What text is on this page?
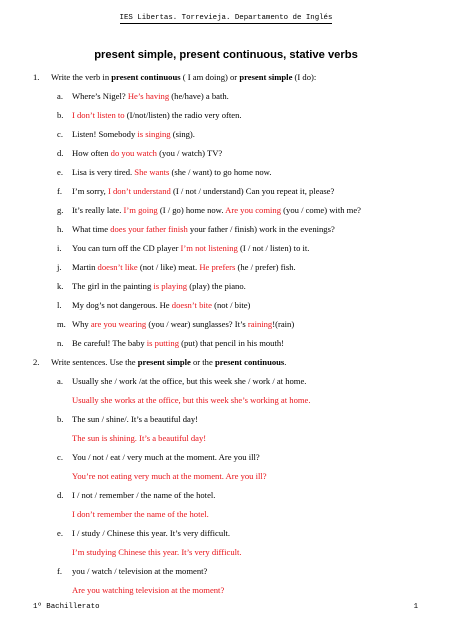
IES Libertas. Torrevieja. Departamento de Inglés
present simple, present continuous, stative verbs
1. Write the verb in present continuous ( I am doing) or present simple (I do):
a. Where’s Nigel? He’s having (he/have) a bath.
b. I don’t listen to (I/not/listen) the radio very often.
c. Listen! Somebody is singing (sing).
d. How often do you watch (you / watch) TV?
e. Lisa is very tired. She wants (she / want) to go home now.
f. I’m sorry, I don’t understand (I / not / understand) Can you repeat it, please?
g. It’s really late. I’m going (I / go) home now. Are you coming (you / come) with me?
h. What time does your father finish your father / finish) work in the evenings?
i. You can turn off the CD player I’m not listening (I / not / listen) to it.
j. Martin doesn’t like (not / like) meat. He prefers (he / prefer) fish.
k. The girl in the painting is playing (play) the piano.
l. My dog’s not dangerous. He doesn’t bite (not / bite)
m. Why are you wearing (you / wear) sunglasses? It’s raining!(rain)
n. Be careful! The baby is putting (put) that pencil in his mouth!
2. Write sentences. Use the present simple or the present continuous.
a. Usually she / work /at the office, but this week she / work / at home.
Usually she works at the office, but this week she’s working at home.
b. The sun / shine/. It’s a beautiful day!
The sun is shining. It’s a beautiful day!
c. You / not / eat / very much at the moment. Are you ill?
You’re not eating very much at the moment. Are you ill?
d. I / not / remember / the name of the hotel.
I don’t remember the name of the hotel.
e. I / study / Chinese this year. It’s very difficult.
I’m studying Chinese this year. It’s very difficult.
f. you / watch / television at the moment?
Are you watching television at the moment?
1º Bachillerato	1
